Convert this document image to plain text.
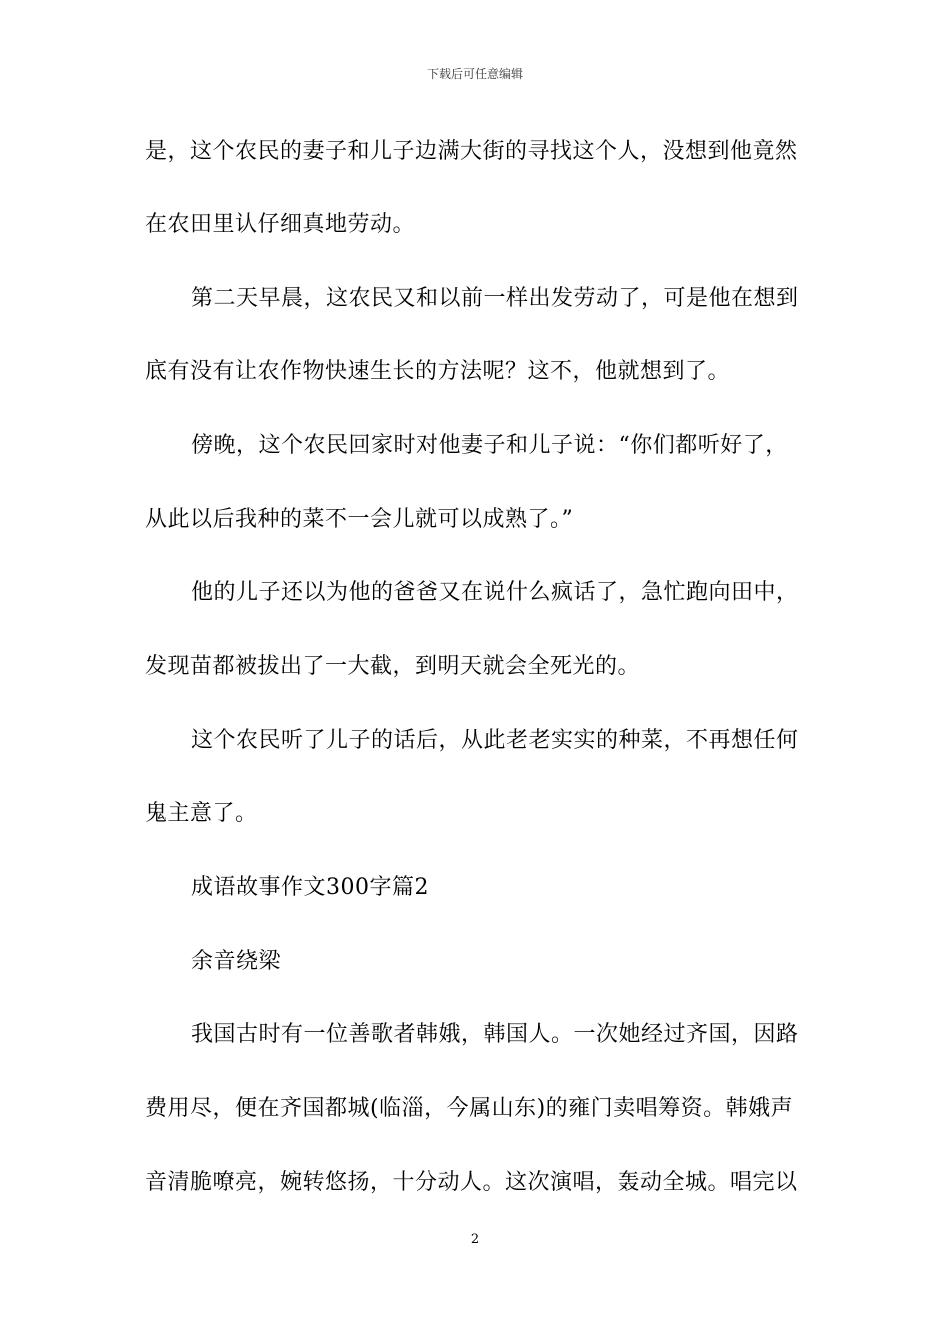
下载后可任意编辑
是，这个农民的妻子和儿子边满大街的寻找这个人，没想到他竟然
在农田里认仔细真地劳动。
第二天早晨，这农民又和以前一样出发劳动了，可是他在想到
底有没有让农作物快速生长的方法呢？这不，他就想到了。
傍晚，这个农民回家时对他妻子和儿子说：“你们都听好了，
从此以后我种的菜不一会儿就可以成熟了。”
他的儿子还以为他的爸爸又在说什么疯话了，急忙跑向田中，
发现苗都被拔出了一大截，到明天就会全死光的。
这个农民听了儿子的话后，从此老老实实的种菜，不再想任何
鬼主意了。
成语故事作文300字篇2
余音绕梁
我国古时有一位善歌者韩娥，韩国人。一次她经过齐国，因路
费用尽，便在齐国都城(临淄，今属山东)的雍门卖唱筹资。韩娥声
音清脆嘹亮，婉转悠扬，十分动人。这次演唱，轰动全城。唱完以
2
